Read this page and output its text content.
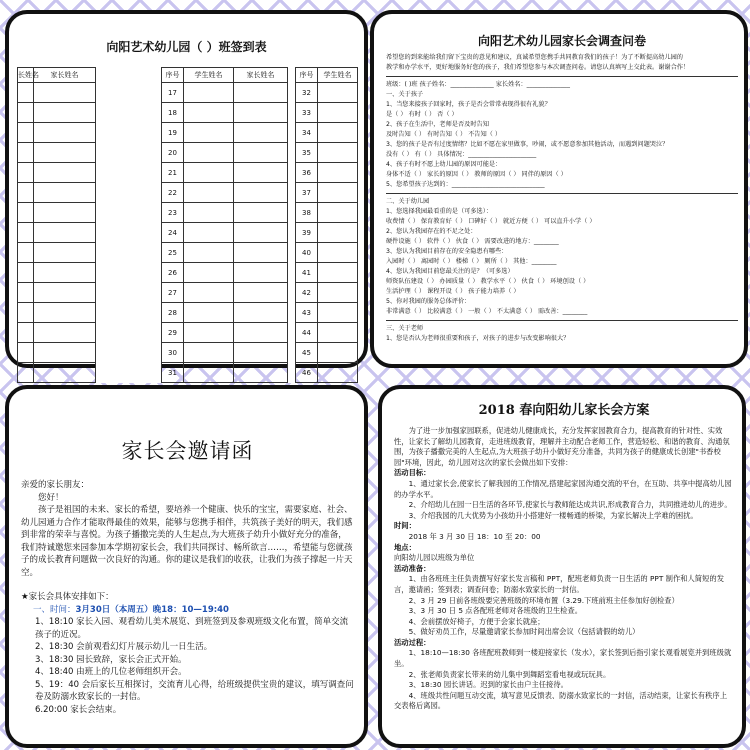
向阳艺术幼儿园（ ）班签到表
长姓名	家长姓名			序号	学生姓名	家长姓名		序号	学生姓名
				17				32	
				18				33	
				19				34	
				20				35	
				21				36	
				22				37	
				23				38	
				24				39	
				25				40	
				26				41	
				27				42	
				28				43	
				29				44	
				30				45	
				31				46	
向阳艺术幼儿园家长会调查问卷
希望您的到来能给我们留下宝贵的意见和建议，真诚希望您携手共同教育我们的孩子！为了不断提高幼儿园的
教学和办学水平，更好地服务好您的孩子，我们希望您参与本次调查问卷。请您认真填写上交此表。谢谢合作！
班级：( )班 孩子姓名：______________ 家长姓名：______________
一、关于孩子
1、当您来接孩子回家时，孩子是否会常常表现得很有礼貌？
是（ ） 有时（ ） 否（ ）
2、孩子在生活中，老师是否及时告知
及时告知（ ） 有时告知（ ） 不告知（ ）
3、您的孩子是否有过度情绪？比如不愿在家里做事，吵闹，或不愿意参加其他活动，而遇到问题哭泣？
没有（ ） 有（ ） 具体情况：______________________
4、孩子有时不愿上幼儿园的原因可能是：
身体不适（ ） 家长的原因（ ） 教师的原因（ ） 同伴的原因（ ）
5、您希望孩子达到的：______________________________
二、关于幼儿园
1、您选择我园最看重的是（可多选）：
收费情（ ） 保育教育好（ ） 口碑好（ ） 就近方便（ ） 可以直升小学（ ）
2、您认为我园存在的不足之处：
硬件设施（ ） 软件（ ） 伙食（ ） 需要改进的地方：________
3、您认为我园目前存在的安全隐患有哪些：
入园时（ ） 离园时（ ） 楼梯（ ） 厕所（ ） 其他：________
4、您认为我园目前您最关注的是？（可多选）
师资队伍建设（ ） 办园质量（ ） 教学水平（ ） 伙食（ ） 环境创设（ ）
生活护理（ ） 课程开设（ ） 孩子能力培养（ ）
5、你对我园的服务总体评价：
非常满意（ ） 比较满意（ ） 一般（ ） 不太满意（ ） 需改善：________
三、关于老师
1、您是否认为老师很重要和孩子，对孩子的进步与改变影响很大？
家长会邀请函
亲爱的家长朋友：
您好！
孩子是祖国的未来、家长的希望，要培养一个健康、快乐的宝宝，需要家庭、社会、幼儿园通力合作才能取得最佳的效果，能够与您携手相伴，共筑孩子美好的明天，我们感到非常的荣幸与喜悦。为孩子播撒完美的人生起点,为大班孩子幼升小做好充分的准备，我们特诚邀您来园参加本学期初家长会，我们共同探讨、畅所欲言……，希望能与您就孩子的成长教育问题做一次良好的沟通。你的建议是我们的收获，让我们为孩子撑起一片天空。
★家长会具体安排如下：
一、时间：3月30日（本周五）晚18：10—19:40
1、18:10 家长入园、观看幼儿美术展览、到班签到及参观班级文化布置，简单交流孩子的近况。
2、18:30 会前观看幻灯片展示幼儿一日生活。
3、18:30 园长致辞，家长会正式开始。
4、18:40 由班上的几位老师组织开会。
5、19：40 会后家长互相探讨，交流育儿心得，给班级提供宝贵的建议，填写调查问卷及防溺水致家长的一封信。
6.20:00 家长会结束。
2018 春向阳幼儿家长会方案
为了进一步加强家园联系，促进幼儿健康成长，充分发挥家园教育合力，提高教育的针对性、实效性，让家长了解幼儿园教育，走进班级教育，理解并主动配合老师工作，营造轻松、和谐的教育、沟通氛围，为孩子播撒完美的人生起点,为大班孩子幼升小做好充分准备，共同为孩子的健康成长创建"书香校园"环境，因此，幼儿园对这次的家长会做出如下安排：
活动目标：
1、通过家长会,使家长了解我园的工作情况,搭建起家园沟通交流的平台，在互助、共享中提高幼儿园的办学水平。
2、介绍幼儿在园一日生活的各环节,使家长与教师能达成共识,形成教育合力，共同推进幼儿的进步。
3、介绍我园的几大优势为小孩幼升小搭建好一楼畅通的桥梁，为家长解决上学难的困扰。
时间：
2018 年 3 月 30 日 18：10 至 20：00
地点：
向阳幼儿园以班级为单位
活动准备：
1、由各班班主任负责撰写好家长发言稿和 PPT，配班老师负责一日生活的 PPT 制作和人简短的发言，邀请函；签到表；调查问卷；防溺水致家长的一封信。
2、3 月 29 日前各班级要完善班级的环境布置（3.29.下班前班主任参加好创检查）
3、3 月 30 日 5 点各配班老师对各班级的卫生检查。
4、会前摆放好椅子，方便于会家长就座；
5、做好劝员工作，尽量邀请家长参加时间出席会议（包括请假的幼儿）
活动过程：
1、18:10—18:30 各班配班教师到一楼迎接家长（发水），家长签到后指引家长观看展览并到班级就坐。
2、张老师负责家长带来的幼儿集中到舞蹈室看电视或玩玩具。
3、18:30 园长讲话。迟到的家长由户主任接待。
4、班级共性问题互动交流，填写意见反馈表、防溺水致家长的一封信，活动结束，让家长有秩序上交表格后离园。
